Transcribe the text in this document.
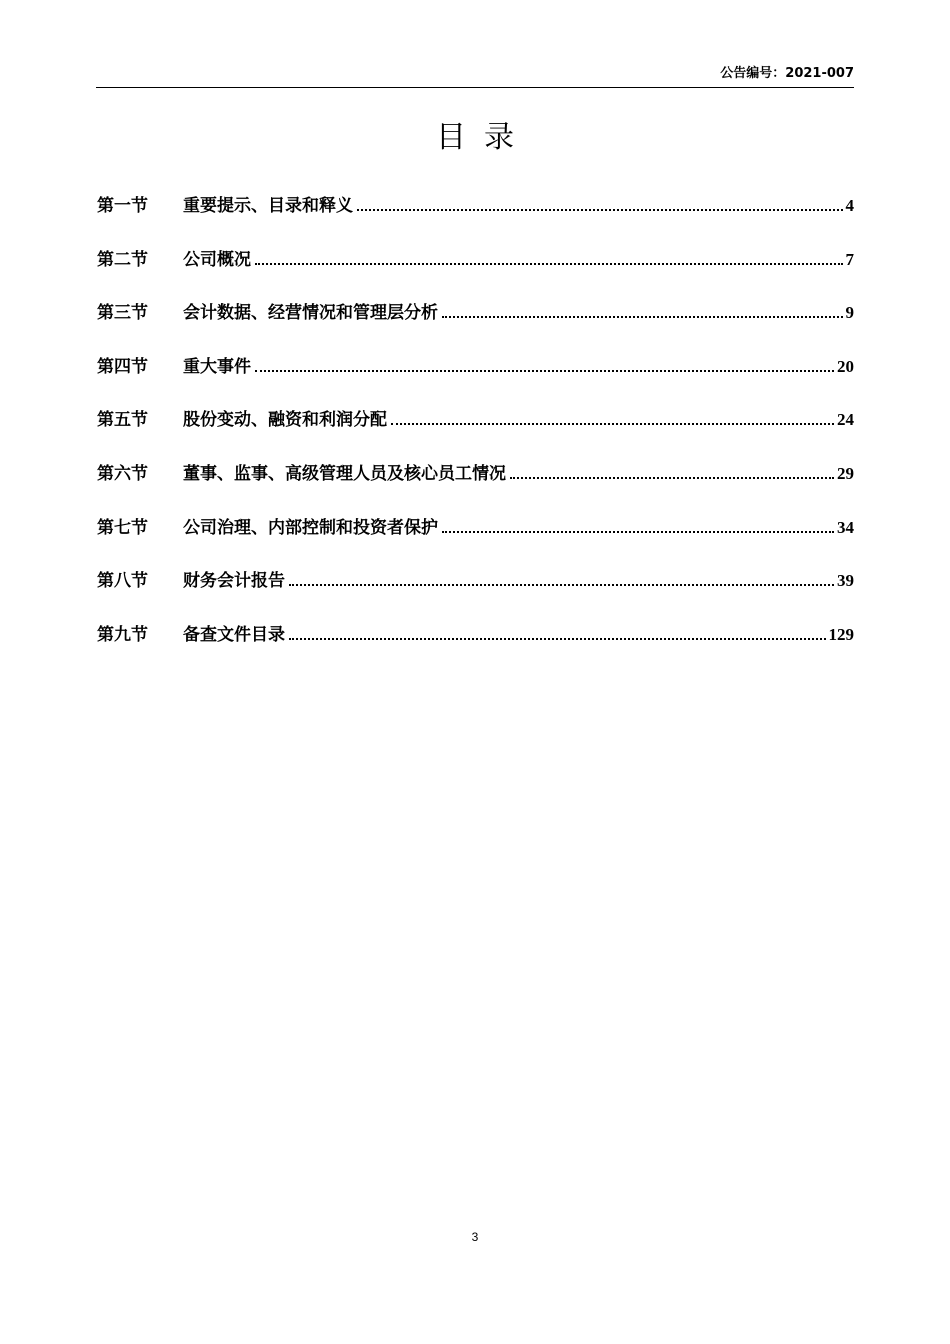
公告编号：2021-007
目录
第一节	重要提示、目录和释义	4
第二节	公司概况	7
第三节	会计数据、经营情况和管理层分析	9
第四节	重大事件	20
第五节	股份变动、融资和利润分配	24
第六节	董事、监事、高级管理人员及核心员工情况	29
第七节	公司治理、内部控制和投资者保护	34
第八节	财务会计报告	39
第九节	备查文件目录	129
3
